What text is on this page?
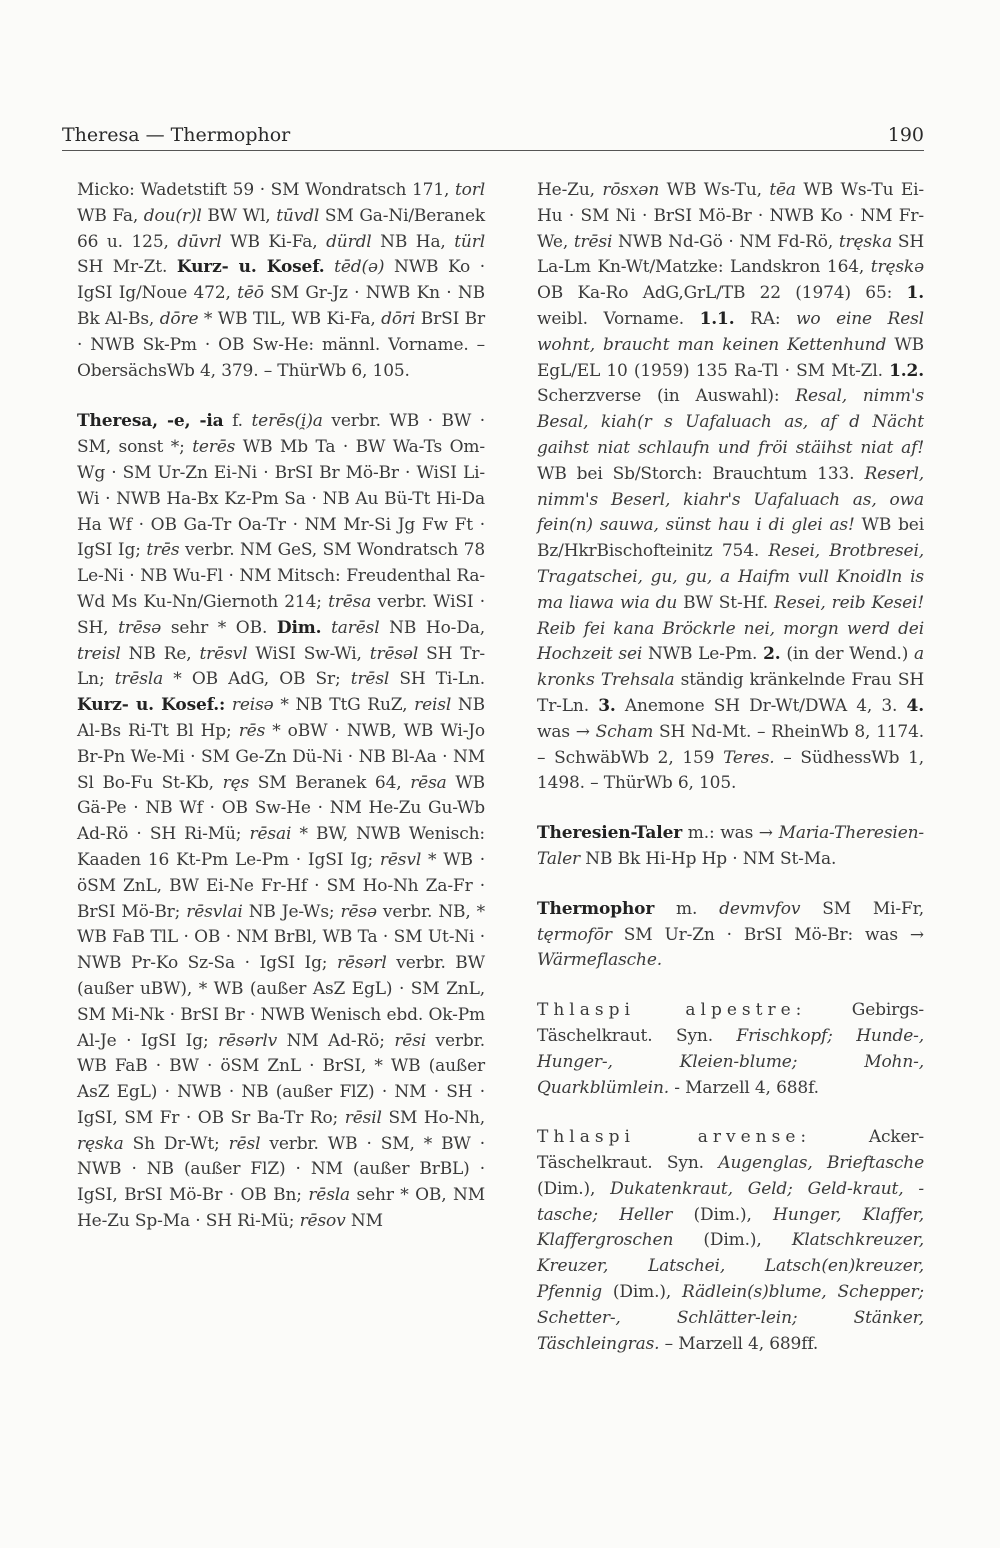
Theresa — Thermophor	190

Micko: Wadetstift 59 · SM Wondratsch 171, torl WB Fa, dou(r)l BW Wl, tūvdl SM Ga-Ni/Beranek 66 u. 125, dūvrl WB Ki-Fa, dürdl NB Ha, türl SH Mr-Zt. Kurz- u. Kosef. tēd(ə) NWB Ko · IgSI Ig/Noue 472, tēō SM Gr-Jz · NWB Kn · NB Bk Al-Bs, dōre * WB TlL, WB Ki-Fa, dōri BrSI Br · NWB Sk-Pm · OB Sw-He: männl. Vorname. – ObersächsWb 4, 379. – ThürWb 6, 105.

Theresa, -e, -ia f. terēs(i̯)a verbr. WB · BW · SM, sonst *; terēs WB Mb Ta · BW Wa-Ts Om-Wg · SM Ur-Zn Ei-Ni · BrSI Br Mö-Br · WiSI Li-Wi · NWB Ha-Bx Kz-Pm Sa · NB Au Bü-Tt Hi-Da Ha Wf · OB Ga-Tr Oa-Tr · NM Mr-Si Jg Fw Ft · IgSI Ig; trēs verbr. NM GeS, SM Wondratsch 78 Le-Ni · NB Wu-Fl · NM Mitsch: Freudenthal Ra-Wd Ms Ku-Nn/Giernoth 214; trēsa verbr. WiSI · SH, trēsə sehr * OB. Dim. tarēsl NB Ho-Da, treisl NB Re, trēsvl WiSI Sw-Wi, trēsəl SH Tr-Ln; trēsla * OB AdG, OB Sr; trēsl SH Ti-Ln. Kurz- u. Kosef.: reisə * NB TtG RuZ, reisl NB Al-Bs Ri-Tt Bl Hp; rēs * oBW · NWB, WB Wi-Jo Br-Pn We-Mi · SM Ge-Zn Dü-Ni · NB Bl-Aa · NM Sl Bo-Fu St-Kb, ręs SM Beranek 64, rēsa WB Gä-Pe · NB Wf · OB Sw-He · NM He-Zu Gu-Wb Ad-Rö · SH Ri-Mü; rēsai * BW, NWB Wenisch: Kaaden 16 Kt-Pm Le-Pm · IgSI Ig; rēsvl * WB · öSM ZnL, BW Ei-Ne Fr-Hf · SM Ho-Nh Za-Fr · BrSI Mö-Br; rēsvlai NB Je-Ws; rēsə verbr. NB, * WB FaB TlL · OB · NM BrBl, WB Ta · SM Ut-Ni · NWB Pr-Ko Sz-Sa · IgSI Ig; rēsərl verbr. BW (außer uBW), * WB (außer AsZ EgL) · SM ZnL, SM Mi-Nk · BrSI Br · NWB Wenisch ebd. Ok-Pm Al-Je · IgSI Ig; rēsərlv NM Ad-Rö; rēsi verbr. WB FaB · BW · öSM ZnL · BrSI, * WB (außer AsZ EgL) · NWB · NB (außer FlZ) · NM · SH · IgSI, SM Fr · OB Sr Ba-Tr Ro; rēsil SM Ho-Nh, ręska Sh Dr-Wt; rēsl verbr. WB · SM, * BW · NWB · NB (außer FlZ) · NM (außer BrBL) · IgSI, BrSI Mö-Br · OB Bn; rēsla sehr * OB, NM He-Zu Sp-Ma · SH Ri-Mü; rēsov NM

He-Zu, rōsxən WB Ws-Tu, tēa WB Ws-Tu Ei-Hu · SM Ni · BrSI Mö-Br · NWB Ko · NM Fr-We, trēsi NWB Nd-Gö · NM Fd-Rö, tręska SH La-Lm Kn-Wt/Matzke: Landskron 164, tręskə OB Ka-Ro AdG,GrL/TB 22 (1974) 65: 1. weibl. Vorname. 1.1. RA: wo eine Resl wohnt, braucht man keinen Kettenhund WB EgL/EL 10 (1959) 135 Ra-Tl · SM Mt-Zl. 1.2. Scherzverse (in Auswahl): Resal, nimm's Besal, kiah(r s Uafaluach as, af d Nächt gaihst niat schlaufn und fröi stäihst niat af! WB bei Sb/Storch: Brauchtum 133. Reserl, nimm's Beserl, kiahr's Uafaluach as, owa fein(n) sauwa, sünst hau i di glei as! WB bei Bz/HkrBischofteinitz 754. Resei, Brotbresei, Tragatschei, gu, gu, a Haifm vull Knoidln is ma liawa wia du BW St-Hf. Resei, reib Kesei! Reib fei kana Bröckrle nei, morgn werd dei Hochzeit sei NWB Le-Pm. 2. (in der Wend.) a kronks Trehsala ständig kränkelnde Frau SH Tr-Ln. 3. Anemone SH Dr-Wt/DWA 4, 3. 4. was → Scham SH Nd-Mt. – RheinWb 8, 1174. – SchwäbWb 2, 159 Teres. – SüdhessWb 1, 1498. – ThürWb 6, 105.

Theresien-Taler m.: was → Maria-Theresien-Taler NB Bk Hi-Hp Hp · NM St-Ma.

Thermophor m. devmvfov SM Mi-Fr, tęrmofōr SM Ur-Zn · BrSI Mö-Br: was → Wärmeflasche.

Thlaspi alpestre: Gebirgs-Täschelkraut. Syn. Frischkopf; Hunde-, Hunger-, Kleien-blume; Mohn-, Quarkblümlein. - Marzell 4, 688f.

Thlaspi arvense: Acker-Täschelkraut. Syn. Augenglas, Brieftasche (Dim.), Dukatenkraut, Geld; Geld-kraut, -tasche; Heller (Dim.), Hunger, Klaffer, Klaffergroschen (Dim.), Klatschkreuzer, Kreuzer, Latschei, Latsch(en)kreuzer, Pfennig (Dim.), Rädlein(s)blume, Schepper; Schetter-, Schlätter-lein; Stänker, Täschleingras. – Marzell 4, 689ff.
